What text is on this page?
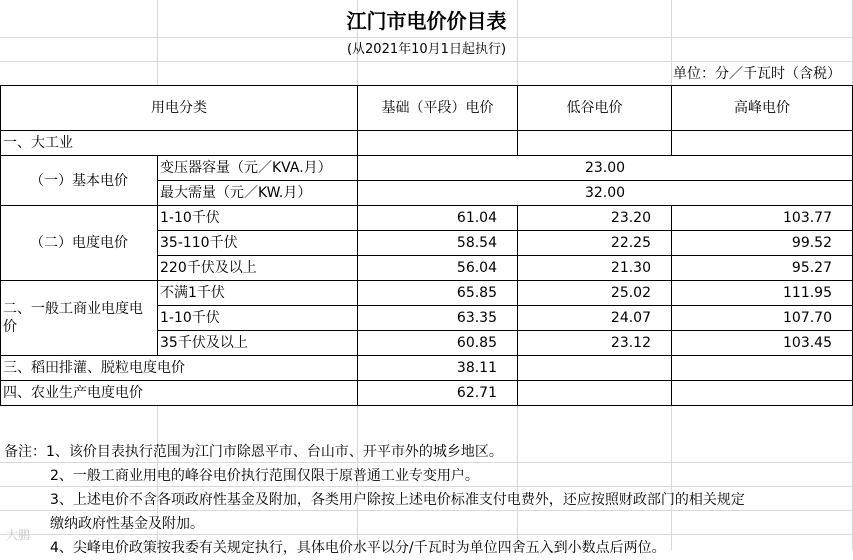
江门市电价价目表
(从2021年10月1日起执行)
单位：分／千瓦时（含税）
用电分类		基础（平段）电价	低谷电价	高峰电价
一、大工业				
（一）基本电价	变压器容量（元／KVA.月）	23.00		
	最大需量（元／KW.月）	32.00		
（二）电度电价	1-10千伏	61.04	23.20	103.77
	35-110千伏	58.54	22.25	99.52
	220千伏及以上	56.04	21.30	95.27
二、一般工商业电度电价	不满1千伏	65.85	25.02	111.95
	1-10千伏	63.35	24.07	107.70
	35千伏及以上	60.85	23.12	103.45
三、稻田排灌、脱粒电度电价		38.11		
四、农业生产电度电价		62.71		
备注：1、该价目表执行范围为江门市除恩平市、台山市、开平市外的城乡地区。
2、一般工商业用电的峰谷电价执行范围仅限于原普通工业专变用户。
3、上述电价不含各项政府性基金及附加，各类用户除按上述电价标准支付电费外，还应按照财政部门的相关规定
缴纳政府性基金及附加。
4、尖峰电价政策按我委有关规定执行，具体电价水平以分/千瓦时为单位四舍五入到小数点后两位。
大鹏
